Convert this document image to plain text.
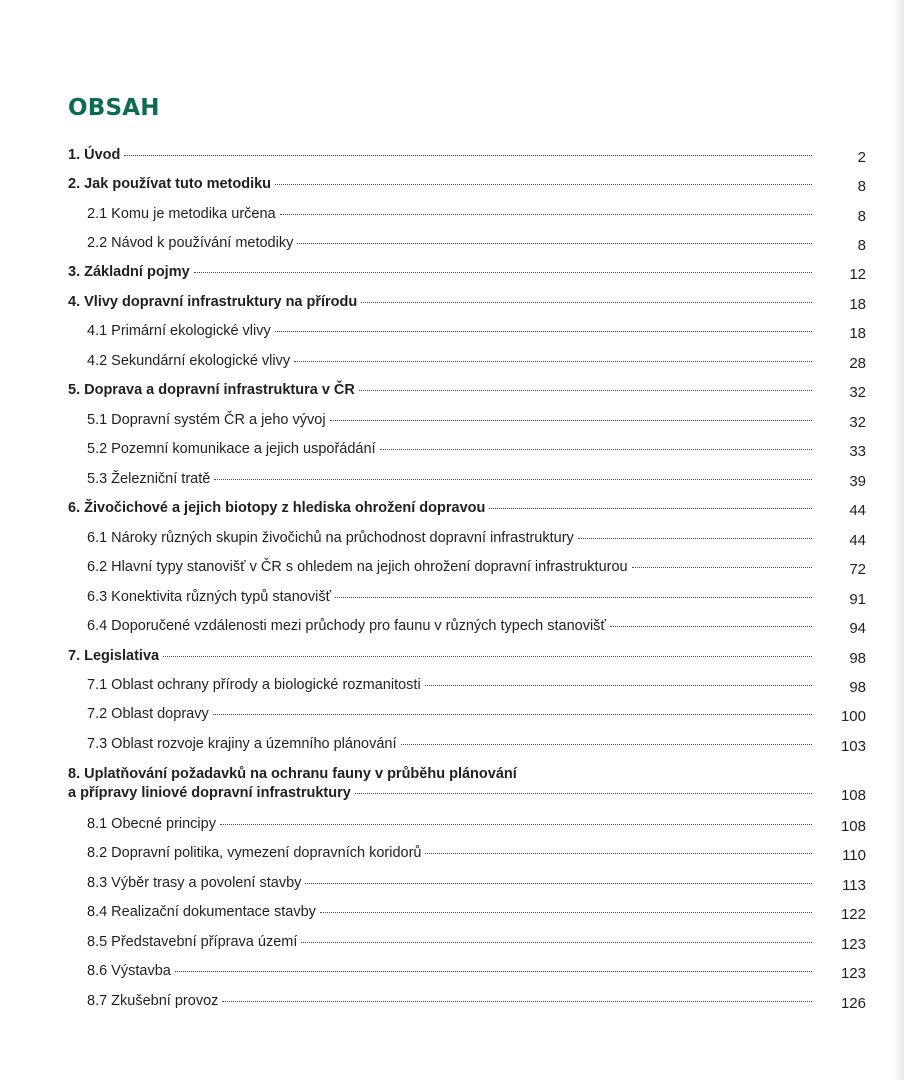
OBSAH
1. Úvod	2
2. Jak používat tuto metodiku	8
2.1 Komu je metodika určena	8
2.2 Návod k používání metodiky	8
3. Základní pojmy	12
4. Vlivy dopravní infrastruktury na přírodu	18
4.1 Primární ekologické vlivy	18
4.2 Sekundární ekologické vlivy	28
5. Doprava a dopravní infrastruktura v ČR	32
5.1 Dopravní systém ČR a jeho vývoj	32
5.2 Pozemní komunikace a jejich uspořádání	33
5.3 Železniční tratě	39
6. Živočichové a jejich biotopy z hlediska ohrožení dopravou	44
6.1 Nároky různých skupin živočichů na průchodnost dopravní infrastruktury	44
6.2 Hlavní typy stanovišť v ČR s ohledem na jejich ohrožení dopravní infrastrukturou	72
6.3 Konektivita různých typů stanovišť	91
6.4 Doporučené vzdálenosti mezi průchody pro faunu v různých typech stanovišť	94
7. Legislativa	98
7.1 Oblast ochrany přírody a biologické rozmanitosti	98
7.2 Oblast dopravy	100
7.3 Oblast rozvoje krajiny a územního plánování	103
8. Uplatňování požadavků na ochranu fauny v průběhu plánování
a přípravy liniové dopravní infrastruktury	108
8.1 Obecné principy	108
8.2 Dopravní politika, vymezení dopravních koridorů	110
8.3 Výběr trasy a povolení stavby	113
8.4 Realizační dokumentace stavby	122
8.5 Představební příprava území	123
8.6 Výstavba	123
8.7 Zkušební provoz	126
